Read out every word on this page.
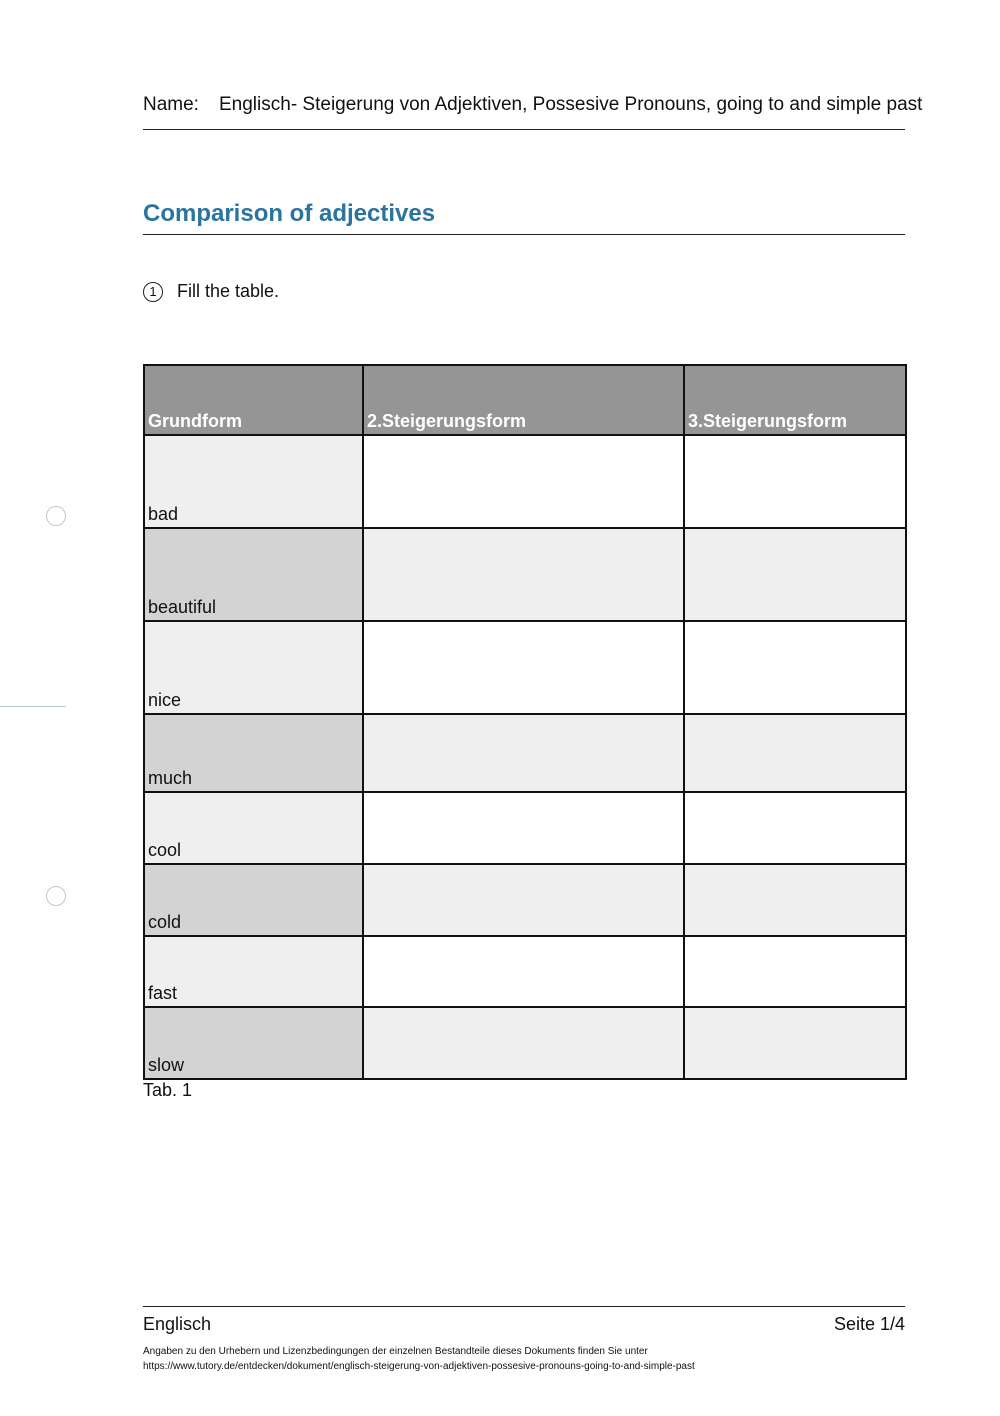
Name: Englisch- Steigerung von Adjektiven, Possesive Pronouns, going to and simple past
Comparison of adjectives
1	Fill the table.
Grundform	2.Steigerungsform	3.Steigerungsform
bad		
beautiful		
nice		
much		
cool		
cold		
fast		
slow		
Tab. 1
Englisch	Seite 1/4
Angaben zu den Urhebern und Lizenzbedingungen der einzelnen Bestandteile dieses Dokuments finden Sie unter
https://www.tutory.de/entdecken/dokument/englisch-steigerung-von-adjektiven-possesive-pronouns-going-to-and-simple-past
